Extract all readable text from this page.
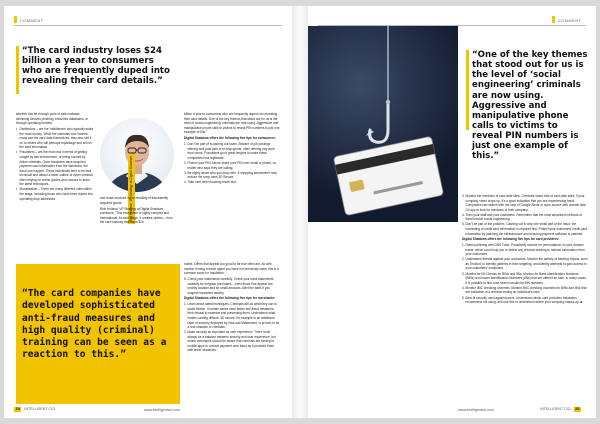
COMMENT
“The card industry loses $24 billion a year to consumers who are frequently duped into revealing their card details.”

whether this be through point of sale malware, skimming devices phishing, breached databases, or through operating botnets.

• Distributors – are the 'middlemen' who typically make the most money. While the criminals who harvest many use the card data themselves, they also sell it on to others who will perhaps repackage and sell on the card information.
• Fraudsters – are the most risk in terms of getting caught by law enforcement, or being conned by fellow criminals. Once fraudsters have acquired payment card information from the distributor, the fraud can happen. These individuals tend to be less technical and attract a lower calibre of cyber criminal, often relying on online guides and courses to learn the latest techniques.
• Monetisation – There are many different roles within the stage, including those who have been duped into operating drop addresses	Rick Holland, VP Strategy at Digital Shadows

and those involved in the reselling of fraudulently acquired goods.

Rick Holland, VP Strategy at Digital Shadows, continues: "This ecosystem is highly complex and international. At each stage, it creates victims – from the card industry that loses $24

billion a year to consumers who are frequently duped into revealing their card details. One of the key themes that stood out for us is the level of 'social engineering' criminals are now using. Aggressive and manipulative phone calls to victims to reveal PIN numbers is just one example of this."

Digital Shadows offers the following five tips for consumers:
1. Don't be part of a cashing out scam. Beware of job postings offering well-paid jobs to re-ship goods, often offering pay work from home. Fraudsters go to great lengths to make these companies look legitimate.
2. Protect your PIN. Never share your PIN over email of phone, no matter who says they are calling.
3. Be highly about who you shop with. If shopping somewhere new, ensure the shop uses 3D Secure.
4. Take care when booking travel and
“The card companies have developed sophisticated anti-fraud measures and high quality (criminal) training can be seen as a reaction to this.”

hotels. Offers that appear too good to be true often are. As with caution if using a travel agent you have not previously used; this is a common scam for fraudsters.

5. Check your statements carefully. Check your bank statements carefully for irregular purchases – even those that appear low nearby location and for small amounts. Alert the bank if you suspect fraudulent activity.
Digital Shadows offers the following five tips for merchants:
1. Learn about latest techniques. Criminals will do what they can to avoid friction. If certain banks have better anti-fraud measures, their refusal to examine and preventing them. Understand what makes carding difficult. 3D secure, for example is an additional layer of security deployed by Visa and Mastercard, is proven to be a real obstacle to criminals.
2. Make security as important as user experience. There must always be a balance between security and user experience, but online merchants should be aware that criminals are turning to mobile apps to commit payment card fraud as it provides them with fewer obstacles.
24	INTELLIGENT CIO	www.intelligentcio.com
COMMENT
“One of the key themes that stood out for us is the level of ‘social engineering’ criminals are now using. Aggressive and manipulative phone calls to victims to reveal PIN numbers is just one example of this.”
3. Monitor the mentions of card-able sites. Criminals share lists of card-able sites; if your company name crops up, it's a good indication that you are experiencing fraud. Companies can search with the help of Google Alerts or open-source web domain lists. Go spy to look for mentions of their company.
4. Train your staff and your customers. Remember that the most advanced methods of fraud involve social engineering.
5. Don't be part of the problem. Cashing out is only one small part of the fraud; the harvesting of credit card information is required first. Protect your customers' credit card information by patching the infrastructure and ensuring payment software is patched.
Digital Shadows offers the following five tips for card providers:
1. Detect phishing with DNS Twist. Proactively monitor for permutations on your domain name, which could help you to detect any criminal seeking to harvest information from your customers.
2. Understand threats against your customers. Monitor the activity of banking trojans, such as Trickbot, to identify patterns in their targeting, and identify attempts to gain access to your customers' computers.
3. Monitor for IIN Checks for BINs and IINs. Monitor for Bank Identification Numbers (BINs) and Issuer Identification Numbers (IINs) that are offered for sale. In many cases, it is possible to fine-tune search results by BIN numbers.
4. Monitor IBIC checking channels. Monitor IBIC checking channels for BINs and IINs that are indicative of a criminal testing an individual's card.
5. Best-fit security used against peers. Understand which card providers fraudsters recommend not using, and use this to understand where your company stacks up. ■
www.intelligentcio.com	INTELLIGENT CIO	25
